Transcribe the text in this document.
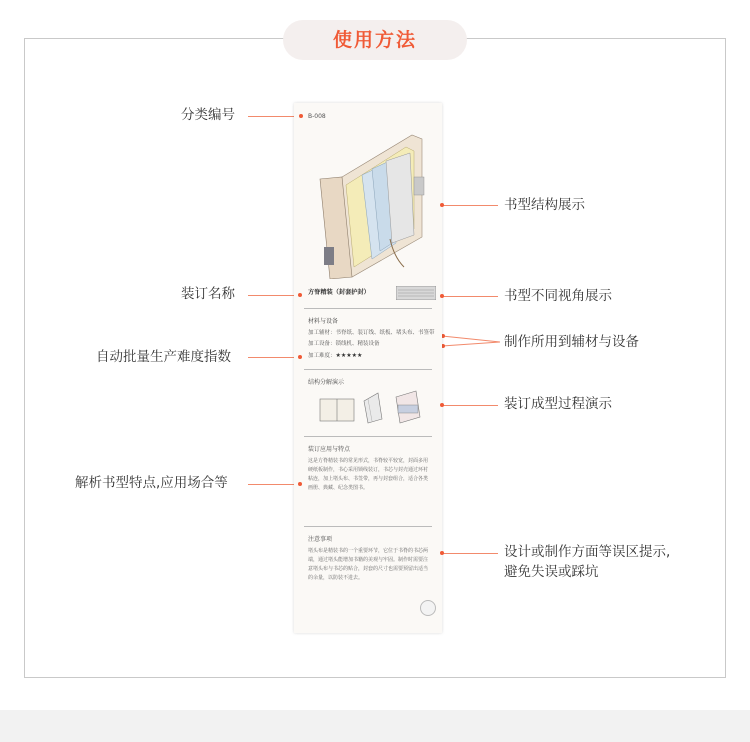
使用方法
分类编号
装订名称
自动批量生产难度指数
解析书型特点,应用场合等
书型结构展示
书型不同视角展示
制作所用到辅材与设备
装订成型过程演示
设计或制作方面等误区提示,
避免失误或踩坑
B-008
方脊精装（封套护封）
材料与设备
加工辅材：书脊纸、装订线、纸板、堵头布、书签带
加工设备：锁线机、精装设备
加工难度：★★★★★
结构分解演示
装订应用与特点
这是方脊精装书的常见形式，书脊较平较宽，封面多用硬纸板制作，书心采用锁线装订，书芯与封壳通过环衬粘连，加上堵头布、书签带，再与封套组合，适合各类画册、典藏、纪念类图书。
注意事项
堵头布是精装书的一个重要环节，它位于书脊的书芯两端，通过堵头能增加书籍的美观与牢固。制作时需要注意堵头布与书芯的贴合，封套的尺寸也需要预留出适当的余量，以防装不进去。
